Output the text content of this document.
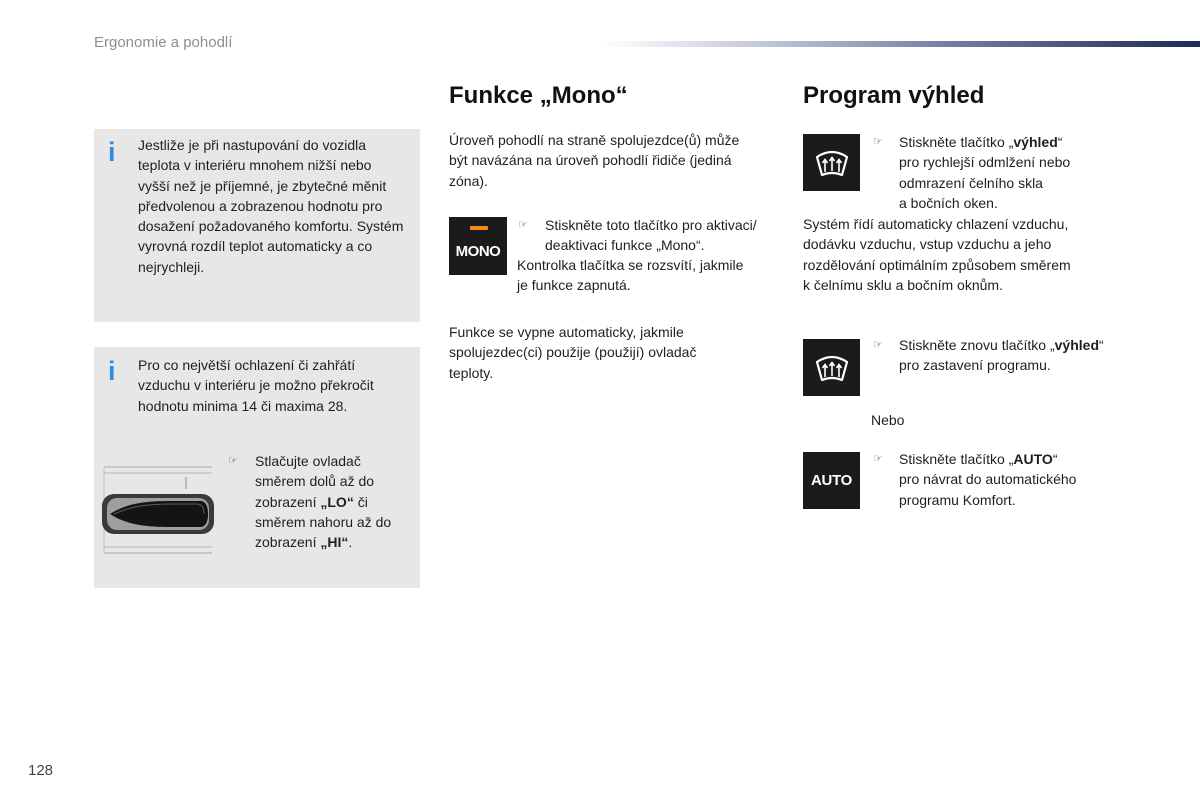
Ergonomie a pohodlí
i Jestliže je při nastupování do vozidla teplota v interiéru mnohem nižší nebo vyšší než je příjemné, je zbytečné měnit předvolenou a zobrazenou hodnotu pro dosažení požadovaného komfortu. Systém vyrovná rozdíl teplot automaticky a co nejrychleji.
i Pro co největší ochlazení či zahřátí vzduchu v interiéru je možno překročit hodnotu minima 14 či maxima 28.
☞ Stlačujte ovladač
směrem dolů až do
zobrazení „LO“ či
směrem nahoru až do
zobrazení „HI“.
Funkce „Mono“
Úroveň pohodlí na straně spolujezdce(ů) může
být navázána na úroveň pohodlí řidiče (jediná
zóna).
MONO
☞ Stiskněte toto tlačítko pro aktivaci/
deaktivaci funkce „Mono“.
Kontrolka tlačítka se rozsvítí, jakmile
je funkce zapnutá.
Funkce se vypne automaticky, jakmile
spolujezdec(ci) použije (použijí) ovladač
teploty.
Program výhled
☞ Stiskněte tlačítko „výhled“
pro rychlejší odmlžení nebo
odmrazení čelního skla
a bočních oken.
Systém řídí automaticky chlazení vzduchu,
dodávku vzduchu, vstup vzduchu a jeho
rozdělování optimálním způsobem směrem
k čelnímu sklu a bočním oknům.
☞ Stiskněte znovu tlačítko „výhled“
pro zastavení programu.
Nebo
AUTO
☞ Stiskněte tlačítko „AUTO“
pro návrat do automatického
programu Komfort.
128
